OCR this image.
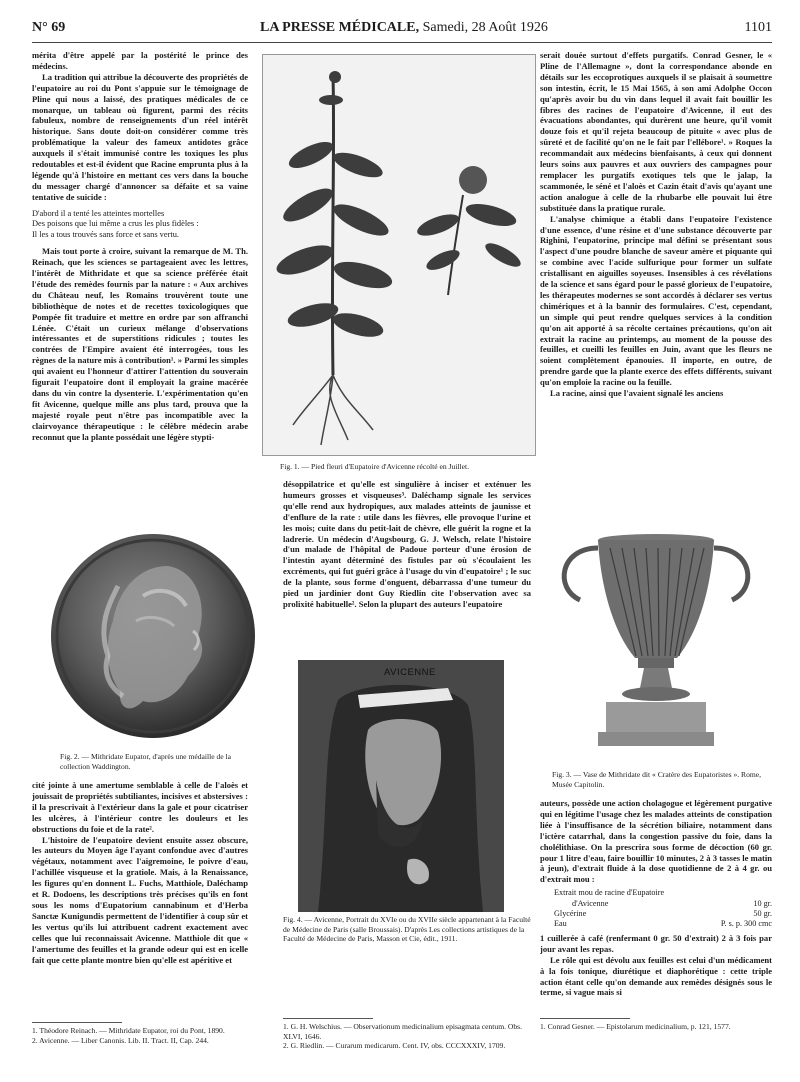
N° 69	LA PRESSE MÉDICALE, Samedi, 28 Août 1926	1101

mérita d'être appelé par la postérité le prince des médecins.

La tradition qui attribue la découverte des propriétés de l'eupatoire au roi du Pont s'appuie sur le témoignage de Pline qui nous a laissé, des pratiques médicales de ce monarque, un tableau où figurent, parmi des récits fabuleux, nombre de renseignements d'un réel intérêt historique. Sans doute doit-on considérer comme très problématique la valeur des fameux antidotes grâce auxquels il s'était immunisé contre les toxiques les plus redoutables et est-il évident que Racine emprunta plus à la légende qu'à l'histoire en mettant ces vers dans la bouche du messager chargé d'annoncer sa défaite et sa vaine tentative de suicide :

D'abord il a tenté les atteintes mortelles
Des poisons que lui même a crus les plus fidèles :
Il les a tous trouvés sans force et sans vertu.

Mais tout porte à croire, suivant la remarque de M. Th. Reinach, que les sciences se partageaient avec les lettres, l'intérêt de Mithridate et que sa science préférée était l'étude des remèdes fournis par la nature : « Aux archives du Château neuf, les Romains trouvèrent toute une bibliothèque de notes et de recettes toxicologiques que Pompée fit traduire et mettre en ordre par son affranchi Lénée. C'était un curieux mélange d'observations intéressantes et de superstitions ridicules ; toutes les contrées de l'Empire avaient été interrogées, tous les règnes de la nature mis à contribution¹. » Parmi les simples qui avaient eu l'honneur d'attirer l'attention du souverain figurait l'eupatoire dont il employait la graine macérée dans du vin contre la dysenterie. L'expérimentation qu'en fit Avicenne, quelque mille ans plus tard, prouva que la majesté royale peut n'être pas incompatible avec la clairvoyance thérapeutique : le célèbre médecin arabe reconnut que la plante possédait une légère stypti-

Fig. 2. — Mithridate Eupator, d'après une médaille de la collection Waddington.

cité jointe à une amertume semblable à celle de l'aloès et jouissait de propriétés subtiliantes, incisives et abstersives : il la prescrivait à l'extérieur dans la gale et pour cicatriser les ulcères, à l'intérieur contre les douleurs et les obstructions du foie et de la rate².

L'histoire de l'eupatoire devient ensuite assez obscure, les auteurs du Moyen âge l'ayant confondue avec d'autres végétaux, notamment avec l'aigremoine, le poivre d'eau, l'achillée visqueuse et la gratiole. Mais, à la Renaissance, les figures qu'en donnent L. Fuchs, Matthiole, Daléchamp et R. Dodoens, les descriptions très précises qu'ils en font sous les noms d'Eupatorium cannabinum et d'Herba Sanctæ Kunigundis permettent de l'identifier à coup sûr et les vertus qu'ils lui attribuent cadrent exactement avec celles que lui reconnaissait Avicenne. Matthiole dit que « l'amertume des feuilles et la grande odeur qui est en icelle fait que cette plante montre bien qu'elle est apéritive et

1. Théodore Reinach. — Mithridate Eupator, roi du Pont, 1890.
2. Avicenne. — Liber Canonis. Lib. II. Tract. II, Cap. 244.
Fig. 1. — Pied fleuri d'Eupatoire d'Avicenne récolté en Juillet.

désoppilatrice et qu'elle est singulière à inciser et exténuer les humeurs grosses et visqueuses³. Daléchamp signale les services qu'elle rend aux hydropiques, aux malades atteints de jaunisse et d'enflure de la rate : utile dans les fièvres, elle provoque l'urine et les mois; cuite dans du petit-lait de chèvre, elle guérit la rogne et la ladrerie. Un médecin d'Augsbourg, G. J. Welsch, relate l'histoire d'un malade de l'hôpital de Padoue porteur d'une érosion de l'intestin ayant déterminé des fistules par où s'écoulaient les excréments, qui fut guéri grâce à l'usage du vin d'eupatoire¹ ; le suc de la plante, sous forme d'onguent, débarrassa d'une tumeur du pied un jardinier dont Guy Riedlin cite l'observation avec sa prolixité habituelle². Selon la plupart des auteurs l'eupatoire

AVICENNE
Fig. 4. — Avicenne, Portrait du XVIe ou du XVIIe siècle appartenant à la Faculté de Médecine de Paris (salle Broussais). D'après Les collections artistiques de la Faculté de Médecine de Paris, Masson et Cie, édit., 1911.
1. G. H. Welschius. — Observationum medicinalium episagmata centum. Obs. XLVI, 1646.
2. G. Riedlin. — Curarum medicarum. Cent. IV, obs. CCCXXXIV, 1709.

serait douée surtout d'effets purgatifs. Conrad Gesner, le « Pline de l'Allemagne », dont la correspondance abonde en détails sur les eccoprotiques auxquels il se plaisait à soumettre son intestin, écrit, le 15 Mai 1565, à son ami Adolphe Occon qu'après avoir bu du vin dans lequel il avait fait bouillir les fibres des racines de l'eupatoire d'Avicenne, il eut des évacuations abondantes, qui durèrent une heure, qu'il vomit douze fois et qu'il rejeta beaucoup de pituite « avec plus de sûreté et de facilité qu'on ne le fait par l'ellébore¹. » Roques la recommandait aux médecins bienfaisants, à ceux qui donnent leurs soins aux pauvres et aux ouvriers des campagnes pour remplacer les purgatifs exotiques tels que le jalap, la scammonée, le séné et l'aloès et Cazin était d'avis qu'ayant une action analogue à celle de la rhubarbe elle pouvait lui être substituée dans la pratique rurale.

L'analyse chimique a établi dans l'eupatoire l'existence d'une essence, d'une résine et d'une substance découverte par Righini, l'eupatorine, principe mal défini se présentant sous l'aspect d'une poudre blanche de saveur amère et piquante qui se combine avec l'acide sulfurique pour former un sulfate cristallisant en aiguilles soyeuses. Insensibles à ces révélations de la science et sans égard pour le passé glorieux de l'eupatoire, les thérapeutes modernes se sont accordés à déclarer ses vertus chimériques et à la bannir des formulaires. C'est, cependant, un simple qui peut rendre quelques services à la condition qu'on ait apporté à sa récolte certaines précautions, qu'on ait extrait la racine au printemps, au moment de la pousse des feuilles, et cueilli les feuilles en Juin, avant que les fleurs ne soient complètement épanouies. Il importe, en outre, de prendre garde que la plante exerce des effets différents, suivant qu'on emploie la racine ou la feuille.

La racine, ainsi que l'avaient signalé les anciens

Fig. 3. — Vase de Mithridate dit « Cratère des Eupatoristes ». Rome, Musée Capitolin.

auteurs, possède une action cholagogue et légèrement purgative qui en légitime l'usage chez les malades atteints de constipation liée à l'insuffisance de la sécrétion biliaire, notamment dans l'ictère catarrhal, dans la congestion passive du foie, dans la cholélithiase. On la prescrira sous forme de décoction (60 gr. pour 1 litre d'eau, faire bouillir 10 minutes, 2 à 3 tasses le matin à jeun), d'extrait fluide à la dose quotidienne de 2 à 4 gr. ou d'extrait mou :

Extrait mou de racine d'Eupatoire
d'Avicenne	10 gr.
Glycérine	50 gr.
Eau	P. s. p. 300 cmc

1 cuillerée à café (renfermant 0 gr. 50 d'extrait) 2 à 3 fois par jour avant les repas.

Le rôle qui est dévolu aux feuilles est celui d'un médicament à la fois tonique, diurétique et diaphorétique : cette triple action étant celle qu'on demande aux remèdes désignés sous le terme, si vague mais si

1. Conrad Gesner. — Epistolarum medicinalium, p. 121, 1577.
